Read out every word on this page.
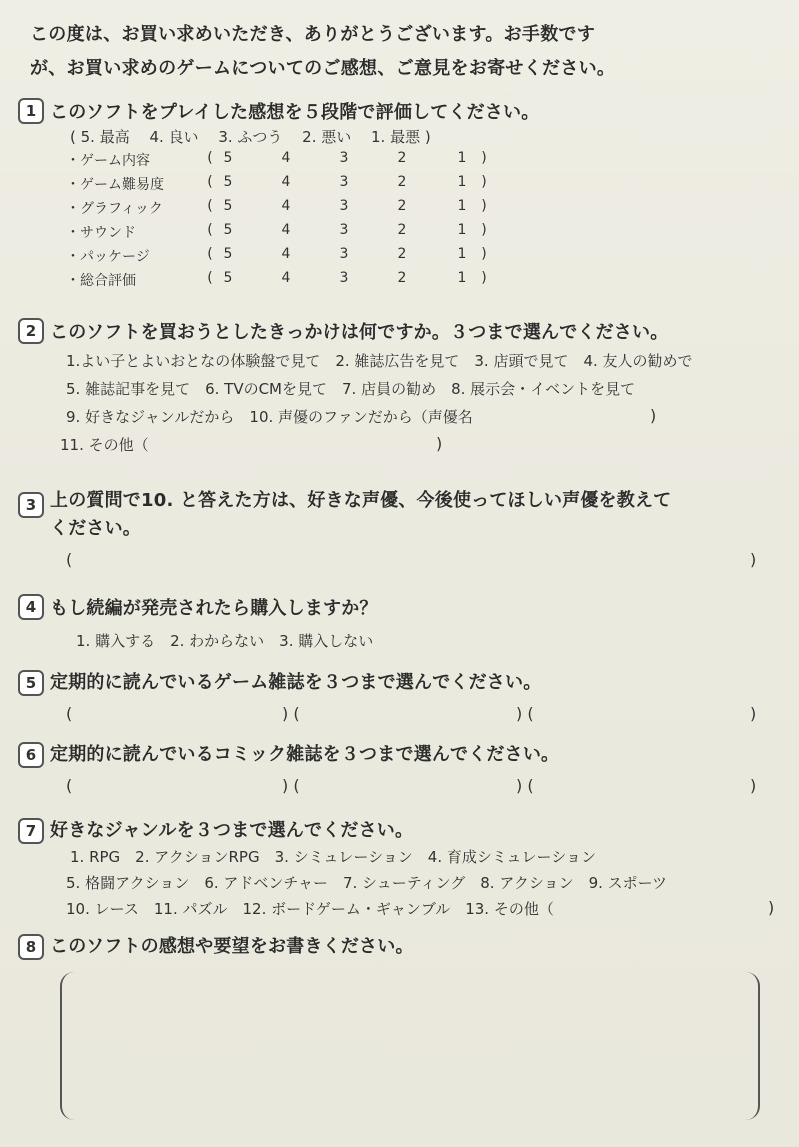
この度は、お買い求めいただき、ありがとうございます。お手数です
が、お買い求めのゲームについてのご感想、ご意見をお寄せください。
1 このソフトをプレイした感想を５段階で評価してください。
( 5. 最高　 4. 良い　 3. ふつう　 2. 悪い　 1. 最悪 )
・ゲーム内容	( 5	4	3	2	1	)
・ゲーム難易度	( 5	4	3	2	1	)
・グラフィック	( 5	4	3	2	1	)
・サウンド	( 5	4	3	2	1	)
・パッケージ	( 5	4	3	2	1	)
・総合評価	( 5	4	3	2	1	)
2 このソフトを買おうとしたきっかけは何ですか。３つまで選んでください。
1.よい子とよいおとなの体験盤で見て　2. 雑誌広告を見て　3. 店頭で見て　4. 友人の勧めで
5. 雑誌記事を見て　6. TVのCMを見て　7. 店員の勧め　8. 展示会・イベントを見て
9. 好きなジャンルだから　10. 声優のファンだから（声優名	)
11. その他（	)
3 上の質問で10. と答えた方は、好きな声優、今後使ってほしい声優を教えて
ください。
(	)
4 もし続編が発売されたら購入しますか？
1. 購入する　2. わからない　3. 購入しない
5 定期的に読んでいるゲーム雑誌を３つまで選んでください。
(	) (	) (	)
6 定期的に読んでいるコミック雑誌を３つまで選んでください。
(	) (	) (	)
7 好きなジャンルを３つまで選んでください。
1. RPG　2. アクションRPG　3. シミュレーション　4. 育成シミュレーション
5. 格闘アクション　6. アドベンチャー　7. シューティング　8. アクション　9. スポーツ
10. レース　11. パズル　12. ボードゲーム・ギャンブル　13. その他（	)
8 このソフトの感想や要望をお書きください。
